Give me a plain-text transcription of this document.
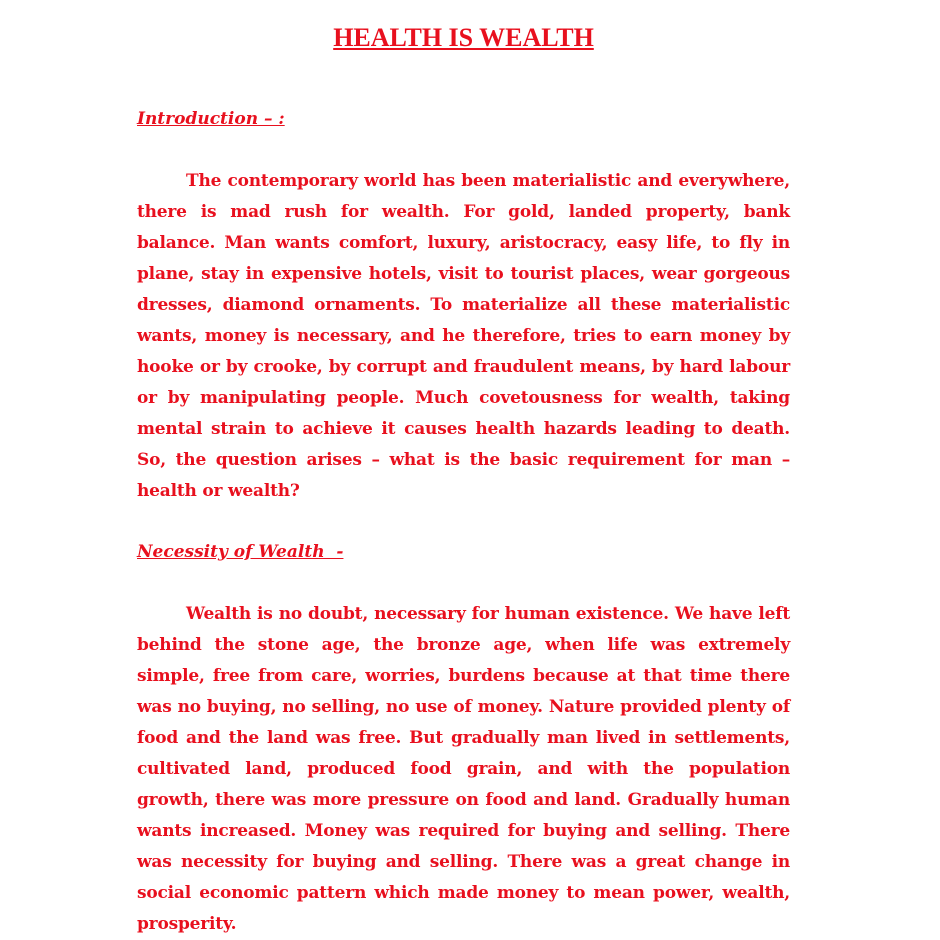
HEALTH IS WEALTH
Introduction – :
The contemporary world has been materialistic and everywhere, there is mad rush for wealth. For gold, landed property, bank balance. Man wants comfort, luxury, aristocracy, easy life, to fly in plane, stay in expensive hotels, visit to tourist places, wear gorgeous dresses, diamond ornaments. To materialize all these materialistic wants, money is necessary, and he therefore, tries to earn money by hooke or by crooke, by corrupt and fraudulent means, by hard labour or by manipulating people. Much covetousness for wealth, taking mental strain to achieve it causes health hazards leading to death. So, the question arises – what is the basic requirement for man – health or wealth?
Necessity of Wealth  -
Wealth is no doubt, necessary for human existence. We have left behind the stone age, the bronze age, when life was extremely simple, free from care, worries, burdens because at that time there was no buying, no selling, no use of money. Nature provided plenty of food and the land was free. But gradually man lived in settlements, cultivated land, produced food grain, and with the population growth, there was more pressure on food and land. Gradually human wants increased. Money was required for buying and selling. There was necessity for buying and selling. There was a great change in social economic pattern which made money to mean power, wealth, prosperity.
